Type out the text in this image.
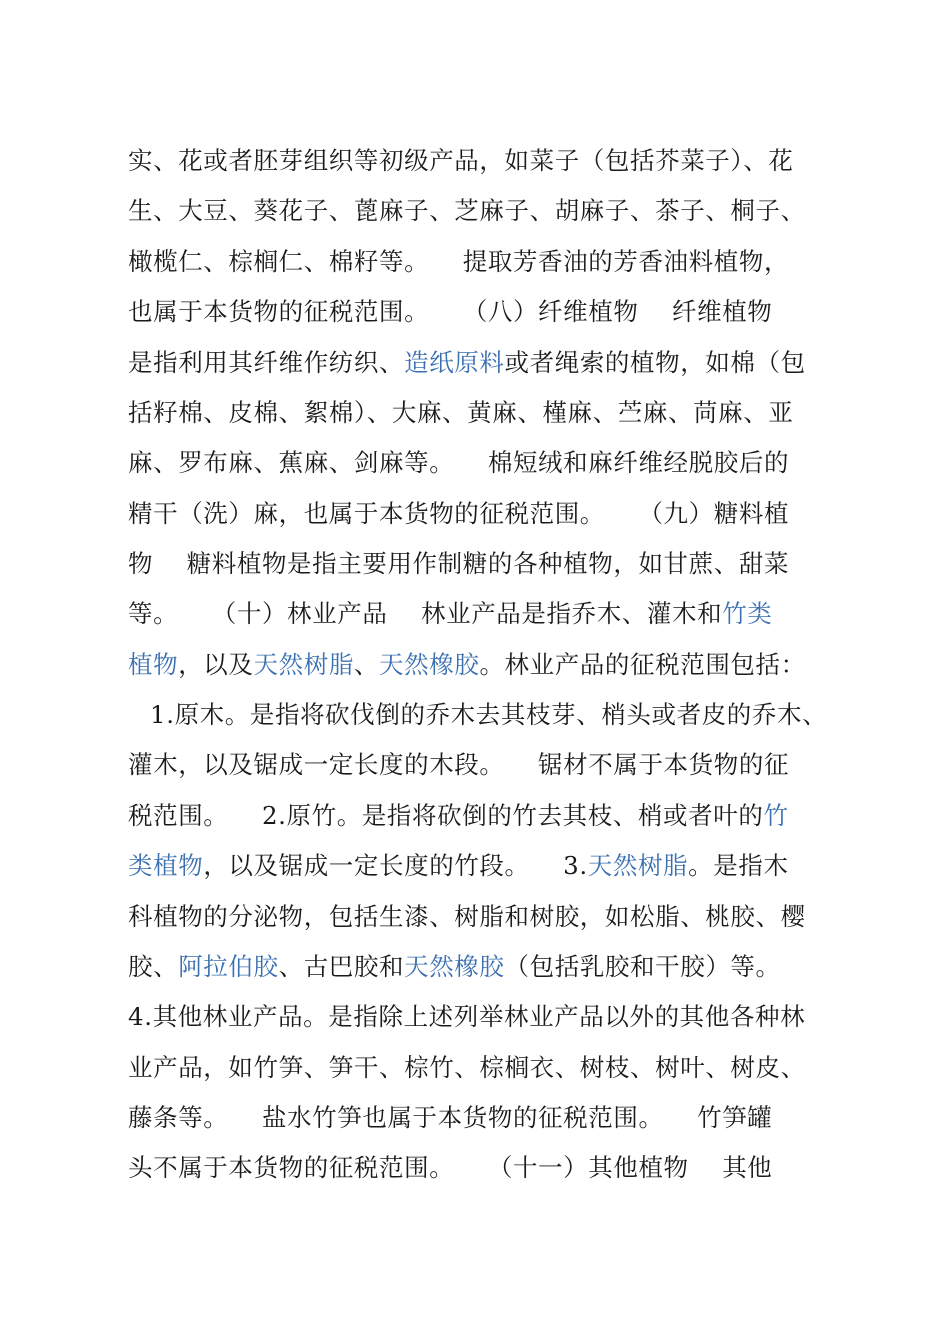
实、花或者胚芽组织等初级产品，如菜子（包括芥菜子）、花
生、大豆、葵花子、蓖麻子、芝麻子、胡麻子、茶子、桐子、
橄榄仁、棕榈仁、棉籽等。    提取芳香油的芳香油料植物，
也属于本货物的征税范围。    （八）纤维植物    纤维植物
是指利用其纤维作纺织、造纸原料或者绳索的植物，如棉（包
括籽棉、皮棉、絮棉）、大麻、黄麻、槿麻、苎麻、苘麻、亚
麻、罗布麻、蕉麻、剑麻等。    棉短绒和麻纤维经脱胶后的
精干（洗）麻，也属于本货物的征税范围。    （九）糖料植
物    糖料植物是指主要用作制糖的各种植物，如甘蔗、甜菜
等。    （十）林业产品    林业产品是指乔木、灌木和竹类
植物，以及天然树脂、天然橡胶。林业产品的征税范围包括：
1.原木。是指将砍伐倒的乔木去其枝芽、梢头或者皮的乔木、
灌木，以及锯成一定长度的木段。    锯材不属于本货物的征
税范围。    2.原竹。是指将砍倒的竹去其枝、梢或者叶的竹
类植物，以及锯成一定长度的竹段。    3.天然树脂。是指木
科植物的分泌物，包括生漆、树脂和树胶，如松脂、桃胶、樱
胶、阿拉伯胶、古巴胶和天然橡胶（包括乳胶和干胶）等。
4.其他林业产品。是指除上述列举林业产品以外的其他各种林
业产品，如竹笋、笋干、棕竹、棕榈衣、树枝、树叶、树皮、
藤条等。    盐水竹笋也属于本货物的征税范围。    竹笋罐
头不属于本货物的征税范围。    （十一）其他植物    其他
